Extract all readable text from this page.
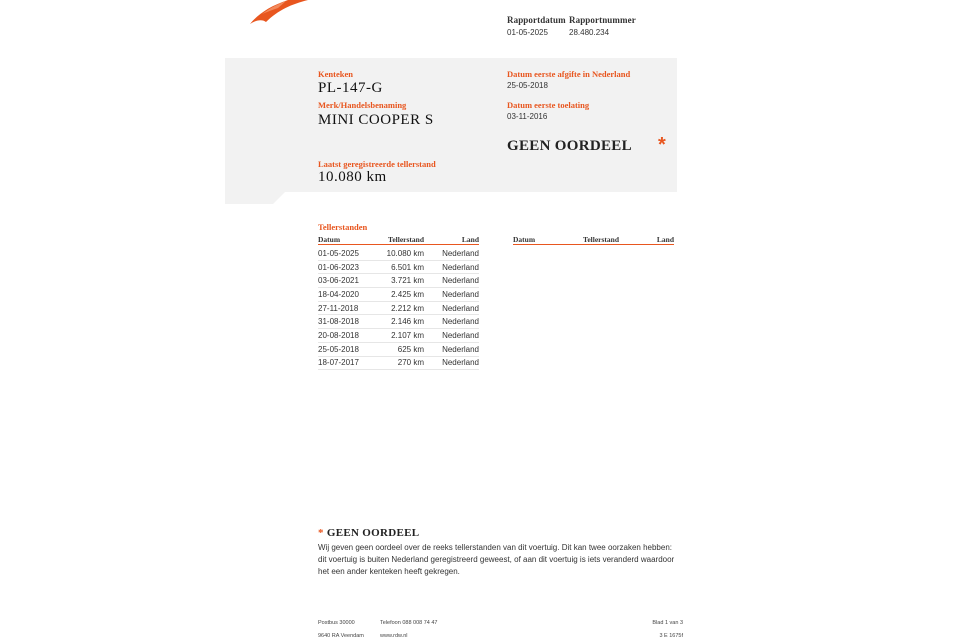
Rapportdatum
01-05-2025
Rapportnummer
28.480.234
Kenteken
PL-147-G
Merk/Handelsbenaming
MINI COOPER S
Laatst geregistreerde tellerstand
10.080 km
Datum eerste afgifte in Nederland
25-05-2018
Datum eerste toelating
03-11-2016
GEEN OORDEEL *
Tellerstanden
Datum	Tellerstand	Land
01-05-2025	10.080 km	Nederland
01-06-2023	6.501 km	Nederland
03-06-2021	3.721 km	Nederland
18-04-2020	2.425 km	Nederland
27-11-2018	2.212 km	Nederland
31-08-2018	2.146 km	Nederland
20-08-2018	2.107 km	Nederland
25-05-2018	625 km	Nederland
18-07-2017	270 km	Nederland
Datum	Tellerstand	Land
* GEEN OORDEEL
Wij geven geen oordeel over de reeks tellerstanden van dit voertuig. Dit kan twee oorzaken hebben: dit voertuig is buiten Nederland geregistreerd geweest, of aan dit voertuig is iets veranderd waardoor het een ander kenteken heeft gekregen.
Postbus 30000
9640 RA Veendam
Telefoon 088 008 74 47
www.rdw.nl
Blad 1 van 3
3 E 1675f
